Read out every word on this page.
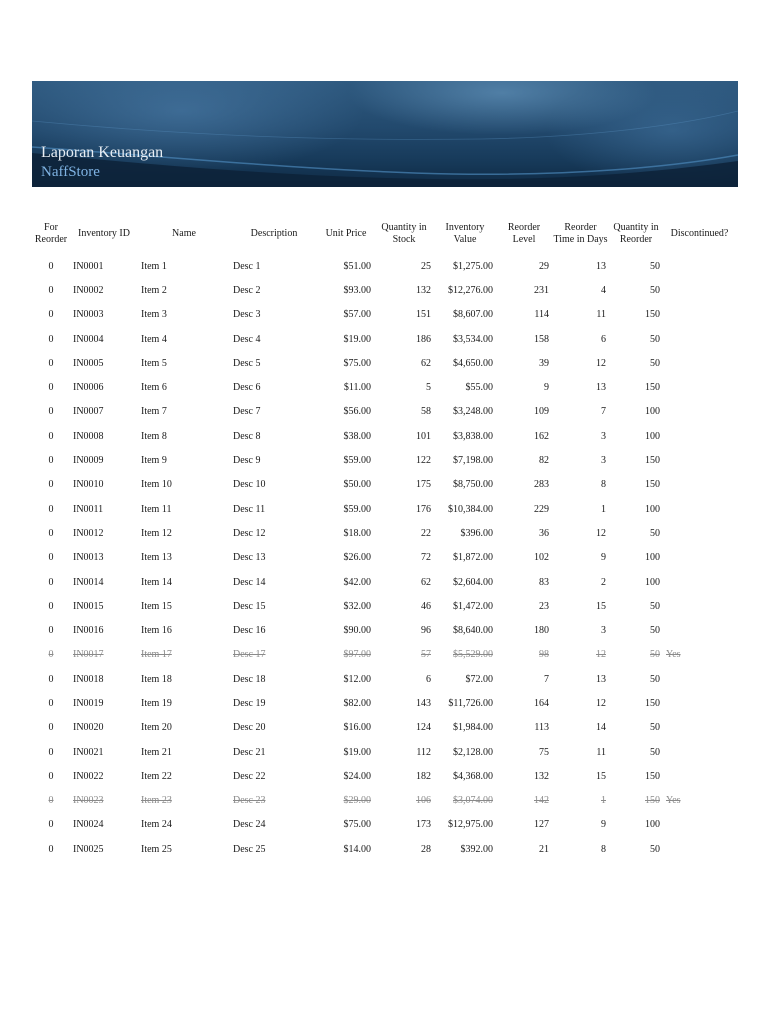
Laporan Keuangan
NaffStore
For Reorder	Inventory ID	Name	Description	Unit Price	Quantity in Stock	Inventory Value	Reorder Level	Reorder Time in Days	Quantity in Reorder	Discontinued?
0	IN0001	Item 1	Desc 1	$51.00	25	$1,275.00	29	13	50	
0	IN0002	Item 2	Desc 2	$93.00	132	$12,276.00	231	4	50	
0	IN0003	Item 3	Desc 3	$57.00	151	$8,607.00	114	11	150	
0	IN0004	Item 4	Desc 4	$19.00	186	$3,534.00	158	6	50	
0	IN0005	Item 5	Desc 5	$75.00	62	$4,650.00	39	12	50	
0	IN0006	Item 6	Desc 6	$11.00	5	$55.00	9	13	150	
0	IN0007	Item 7	Desc 7	$56.00	58	$3,248.00	109	7	100	
0	IN0008	Item 8	Desc 8	$38.00	101	$3,838.00	162	3	100	
0	IN0009	Item 9	Desc 9	$59.00	122	$7,198.00	82	3	150	
0	IN0010	Item 10	Desc 10	$50.00	175	$8,750.00	283	8	150	
0	IN0011	Item 11	Desc 11	$59.00	176	$10,384.00	229	1	100	
0	IN0012	Item 12	Desc 12	$18.00	22	$396.00	36	12	50	
0	IN0013	Item 13	Desc 13	$26.00	72	$1,872.00	102	9	100	
0	IN0014	Item 14	Desc 14	$42.00	62	$2,604.00	83	2	100	
0	IN0015	Item 15	Desc 15	$32.00	46	$1,472.00	23	15	50	
0	IN0016	Item 16	Desc 16	$90.00	96	$8,640.00	180	3	50	
0	IN0017	Item 17	Desc 17	$97.00	57	$5,529.00	98	12	50	Yes
0	IN0018	Item 18	Desc 18	$12.00	6	$72.00	7	13	50	
0	IN0019	Item 19	Desc 19	$82.00	143	$11,726.00	164	12	150	
0	IN0020	Item 20	Desc 20	$16.00	124	$1,984.00	113	14	50	
0	IN0021	Item 21	Desc 21	$19.00	112	$2,128.00	75	11	50	
0	IN0022	Item 22	Desc 22	$24.00	182	$4,368.00	132	15	150	
0	IN0023	Item 23	Desc 23	$29.00	106	$3,074.00	142	1	150	Yes
0	IN0024	Item 24	Desc 24	$75.00	173	$12,975.00	127	9	100	
0	IN0025	Item 25	Desc 25	$14.00	28	$392.00	21	8	50	
